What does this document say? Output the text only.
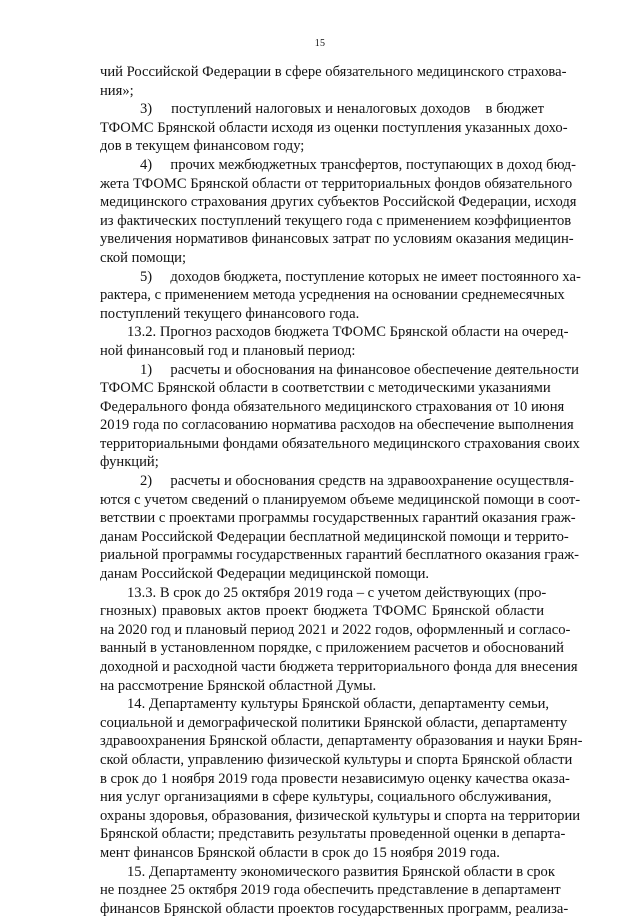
15
чий Российской Федерации в сфере обязательного медицинского страхова-
ния»;
3)     поступлений налоговых и неналоговых доходов    в бюджет
ТФОМС Брянской области исходя из оценки поступления указанных дохо-
дов в текущем финансовом году;
4)     прочих межбюджетных трансфертов, поступающих в доход бюд-
жета ТФОМС Брянской области от территориальных фондов обязательного
медицинского страхования других субъектов Российской Федерации, исходя
из фактических поступлений текущего года с применением коэффициентов
увеличения нормативов финансовых затрат по условиям оказания медицин-
ской помощи;
5)     доходов бюджета, поступление которых не имеет постоянного ха-
рактера, с применением метода усреднения на основании среднемесячных
поступлений текущего финансового года.
13.2. Прогноз расходов бюджета ТФОМС Брянской области на очеред-
ной финансовый год и плановый период:
1)     расчеты и обоснования на финансовое обеспечение деятельности
ТФОМС Брянской области в соответствии с методическими указаниями
Федерального фонда обязательного медицинского страхования от 10 июня
2019 года по согласованию норматива расходов на обеспечение выполнения
территориальными фондами обязательного медицинского страхования своих
функций;
2)     расчеты и обоснования средств на здравоохранение осуществля-
ются с учетом сведений о планируемом объеме медицинской помощи в соот-
ветствии с проектами программы государственных гарантий оказания граж-
данам Российской Федерации бесплатной медицинской помощи и террито-
риальной программы государственных гарантий бесплатного оказания граж-
данам Российской Федерации медицинской помощи.
13.3. В срок до 25 октября 2019 года – с учетом действующих (про-
гнозных) правовых актов проект бюджета ТФОМС Брянской области
на 2020 год и плановый период 2021 и 2022 годов, оформленный и согласо-
ванный в установленном порядке, с приложением расчетов и обоснований
доходной и расходной части бюджета территориального фонда для внесения
на рассмотрение Брянской областной Думы.
14. Департаменту культуры Брянской области, департаменту семьи,
социальной и демографической политики Брянской области, департаменту
здравоохранения Брянской области, департаменту образования и науки Брян-
ской области, управлению физической культуры и спорта Брянской области
в срок до 1 ноября 2019 года провести независимую оценку качества оказа-
ния услуг организациями в сфере культуры, социального обслуживания,
охраны здоровья, образования, физической культуры и спорта на территории
Брянской области; представить результаты проведенной оценки в департа-
мент финансов Брянской области в срок до 15 ноября 2019 года.
15. Департаменту экономического развития Брянской области в срок
не позднее 25 октября 2019 года обеспечить представление в департамент
финансов Брянской области проектов государственных программ, реализа-
